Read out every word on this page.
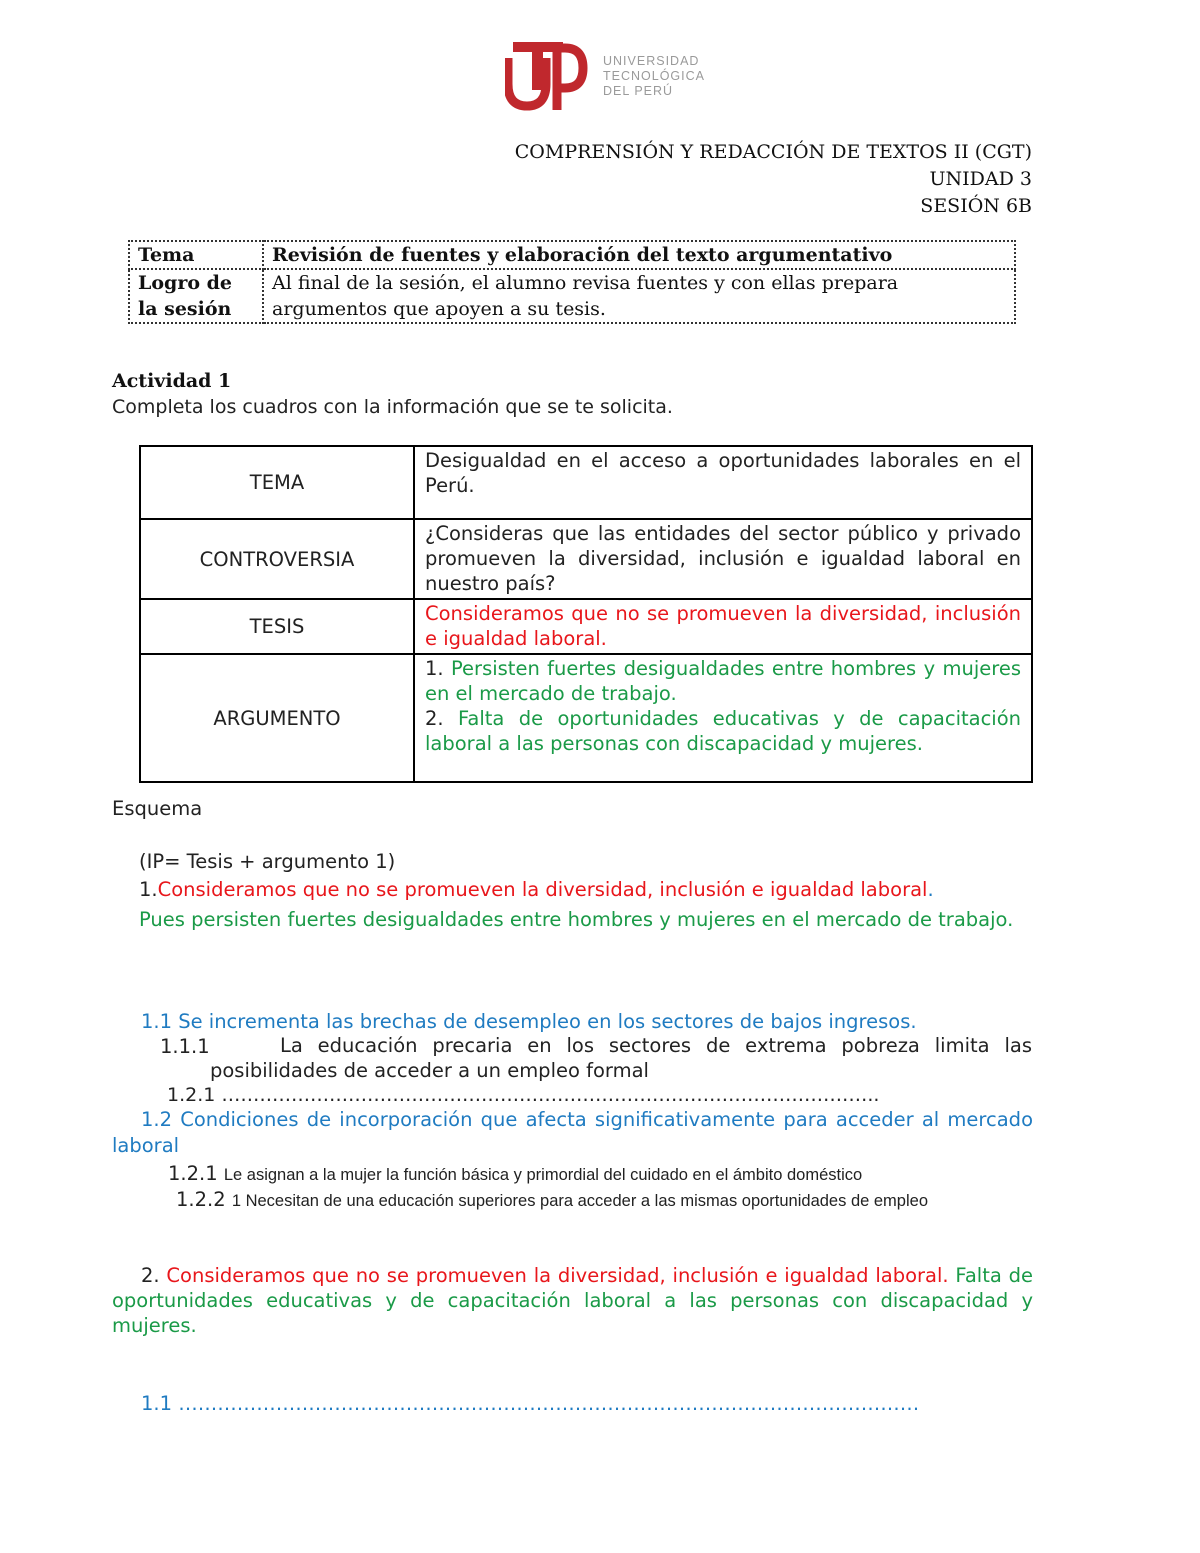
UNIVERSIDAD
TECNOLÓGICA
DEL PERÚ
COMPRENSIÓN Y REDACCIÓN DE TEXTOS II (CGT)
UNIDAD 3
SESIÓN 6B
Tema	Revisión de fuentes y elaboración del texto argumentativo
Logro de la sesión	Al final de la sesión, el alumno revisa fuentes y con ellas prepara argumentos que apoyen a su tesis.
Actividad 1
Completa los cuadros con la información que se te solicita.
TEMA	Desigualdad en el acceso a oportunidades laborales en el Perú.
CONTROVERSIA	¿Consideras que las entidades del sector público y privado promueven la diversidad, inclusión e igualdad laboral en nuestro país?
TESIS	Consideramos que no se promueven la diversidad, inclusión e igualdad laboral.
ARGUMENTO	1. Persisten fuertes desigualdades entre hombres y mujeres en el mercado de trabajo.
2. Falta de oportunidades educativas y de capacitación laboral a las personas con discapacidad y mujeres.
Esquema
(IP= Tesis + argumento 1)
1.Consideramos que no se promueven la diversidad, inclusión e igualdad laboral.
Pues persisten fuertes desigualdades entre hombres y mujeres en el mercado de trabajo.
1.1 Se incrementa las brechas de desempleo en los sectores de bajos ingresos.
1.1.1	La educación precaria en los sectores de extrema pobreza limita las posibilidades de acceder a un empleo formal
1.2.1 …………………………………………………………………………………………..
1.2 Condiciones de incorporación que afecta significativamente para acceder al mercado laboral
1.2.1 Le asignan a la mujer la función básica y primordial del cuidado en el ámbito doméstico
1.2.2 1 Necesitan de una educación superiores para acceder a las mismas oportunidades de empleo
2. Consideramos que no se promueven la diversidad, inclusión e igualdad laboral. Falta de oportunidades educativas y de capacitación laboral a las personas con discapacidad y mujeres.
1.1 ……………………………………………………………………………………………………
